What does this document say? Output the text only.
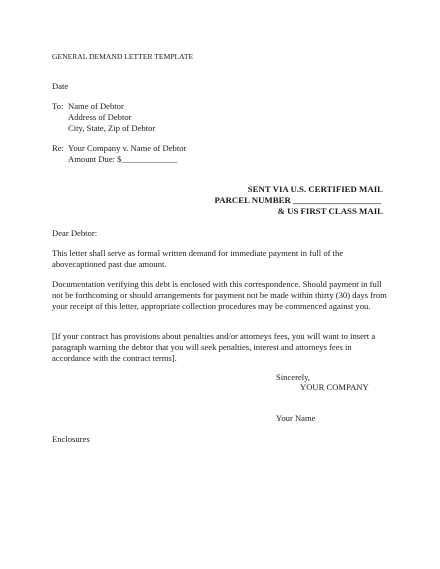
GENERAL DEMAND LETTER TEMPLATE
Date
To: Name of Debtor
Address of Debtor
City, State, Zip of Debtor
Re: Your Company v. Name of Debtor
Amount Due: $_____________
SENT VIA U.S. CERTIFIED MAIL
PARCEL NUMBER ____________________
& US FIRST CLASS MAIL
Dear Debtor:
This letter shall serve as formal written demand for immediate payment in full of the abovecaptioned past due amount.
Documentation verifying this debt is enclosed with this correspondence. Should payment in full not be forthcoming or should arrangements for payment not be made within thirty (30) days from your receipt of this letter, appropriate collection procedures may be commenced against you.
[If your contract has provisions about penalties and/or attorneys fees, you will want to insert a paragraph warning the debtor that you will seek penalties, interest and attorneys fees in accordance with the contract terms].
Sincerely,
YOUR COMPANY
Your Name
Enclosures
